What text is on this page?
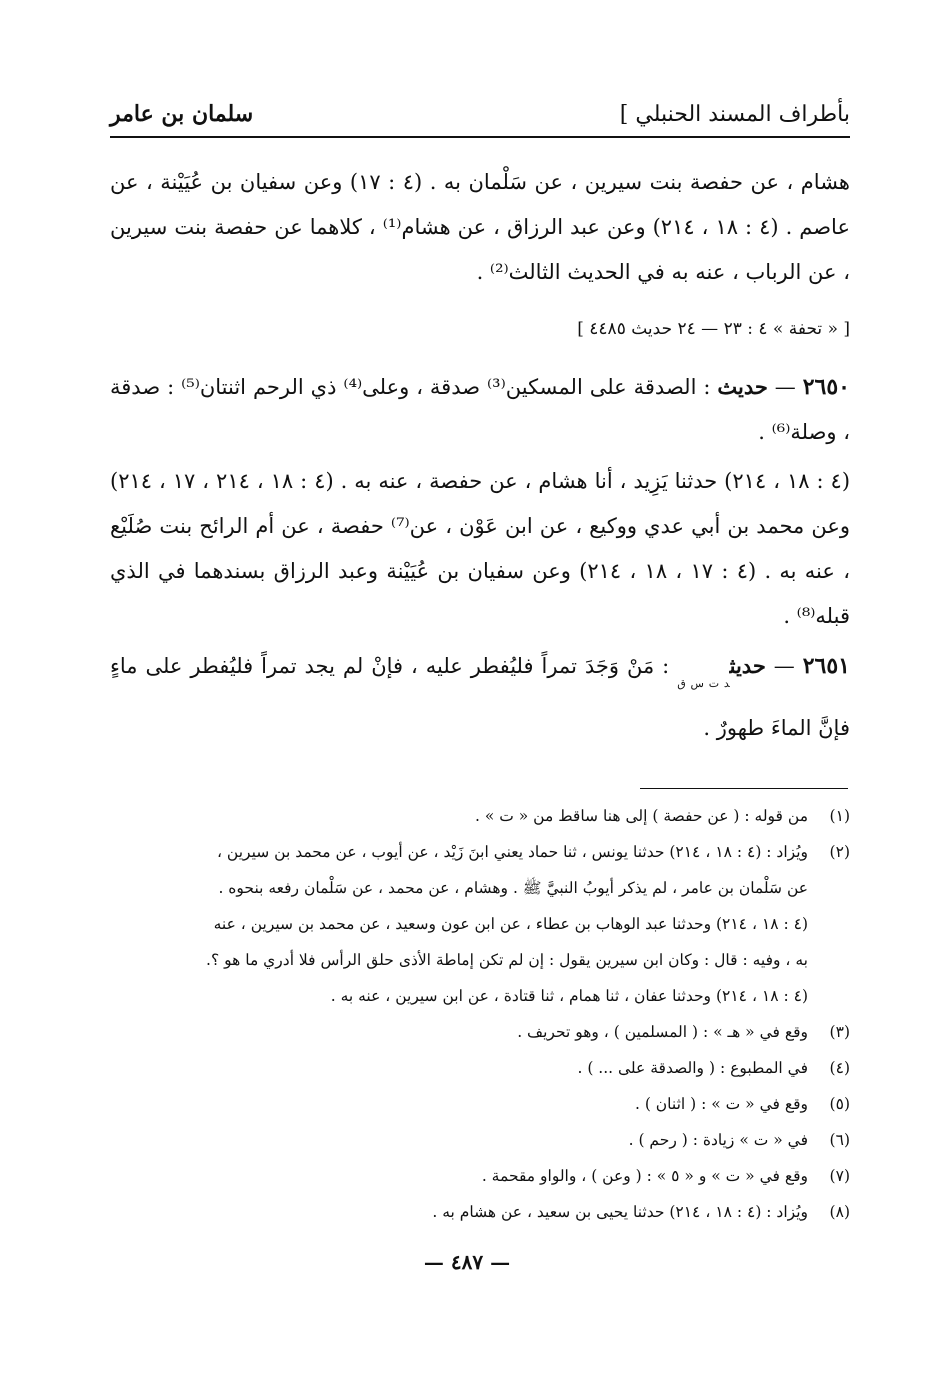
بأطراف المسند الحنبلي ]
سلمان بن عامر

هشام ، عن حفصة بنت سيرين ، عن سَلْمان به . (٤ : ١٧) وعن سفيان بن عُيَيْنة ، عن عاصم . (٤ : ١٨ ، ٢١٤) وعن عبد الرزاق ، عن هشام⁽¹⁾ ، كلاهما عن حفصة بنت سيرين ، عن الرباب ، عنه به في الحديث الثالث⁽²⁾ .

[ « تحفة » ٤ : ٢٣ — ٢٤ حديث ٤٤٨٥ ]

٢٦٥٠ — حديث : الصدقة على المسكين⁽³⁾ صدقة ، وعلى⁽⁴⁾ ذي الرحم اثنتان⁽⁵⁾ : صدقة ، وصلة⁽⁶⁾ .

(٤ : ١٨ ، ٢١٤) حدثنا يَزِيد ، أنا هشام ، عن حفصة ، عنه به . (٤ : ١٨ ، ٢١٤ ، ١٧ ، ٢١٤) وعن محمد بن أبي عدي ووكيع ، عن ابن عَوْن ، عن⁽⁷⁾ حفصة ، عن أم الرائح بنت صُلَيْع ، عنه به . (٤ : ١٧ ، ١٨ ، ٢١٤) وعن سفيان بن عُيَيْنة وعبد الرزاق بسندهما في الذي قبله⁽⁸⁾ .

٢٦٥١ — حديث$_{د ت س ق}$ : مَنْ وَجَدَ تمراً فليُفطر عليه ، فإنْ لم يجد تمراً فليُفطر على ماءٍ فإنَّ الماءَ طهورٌ .

(١)
من قوله : ( عن حفصة ) إلى هنا ساقط من « ت » .
(٢)
ويُزاد : (٤ : ١٨ ، ٢١٤) حدثنا يونس ، ثنا حماد يعني ابنَ زَيْد ، عن أيوب ، عن محمد بن سيرين ،
عن سَلْمان بن عامر ، لم يذكر أيوبُ النبيَّ ﷺ . وهشام ، عن محمد ، عن سَلْمان رفعه بنحوه .
(٤ : ١٨ ، ٢١٤) وحدثنا عبد الوهاب بن عطاء ، عن ابن عون وسعيد ، عن محمد بن سيرين ، عنه
به ، وفيه : قال : وكان ابن سيرين يقول : إن لم تكن إماطة الأذى حلق الرأس فلا أدري ما هو ؟.
(٤ : ١٨ ، ٢١٤) وحدثنا عفان ، ثنا همام ، ثنا قتادة ، عن ابن سيرين ، عنه به .
(٣)
وقع في « هـ » : ( المسلمين ) ، وهو تحريف .
(٤)
في المطبوع : ( والصدقة على ... ) .
(٥)
وقع في « ت » : ( اثنان ) .
(٦)
في « ت » زيادة : ( رحم ) .
(٧)
وقع في « ت » و « ٥ » : ( وعن ) ، والواو مقحمة .
(٨)
ويُزاد : (٤ : ١٨ ، ٢١٤) حدثنا يحيى بن سعيد ، عن هشام به .
— ٤٨٧ —
